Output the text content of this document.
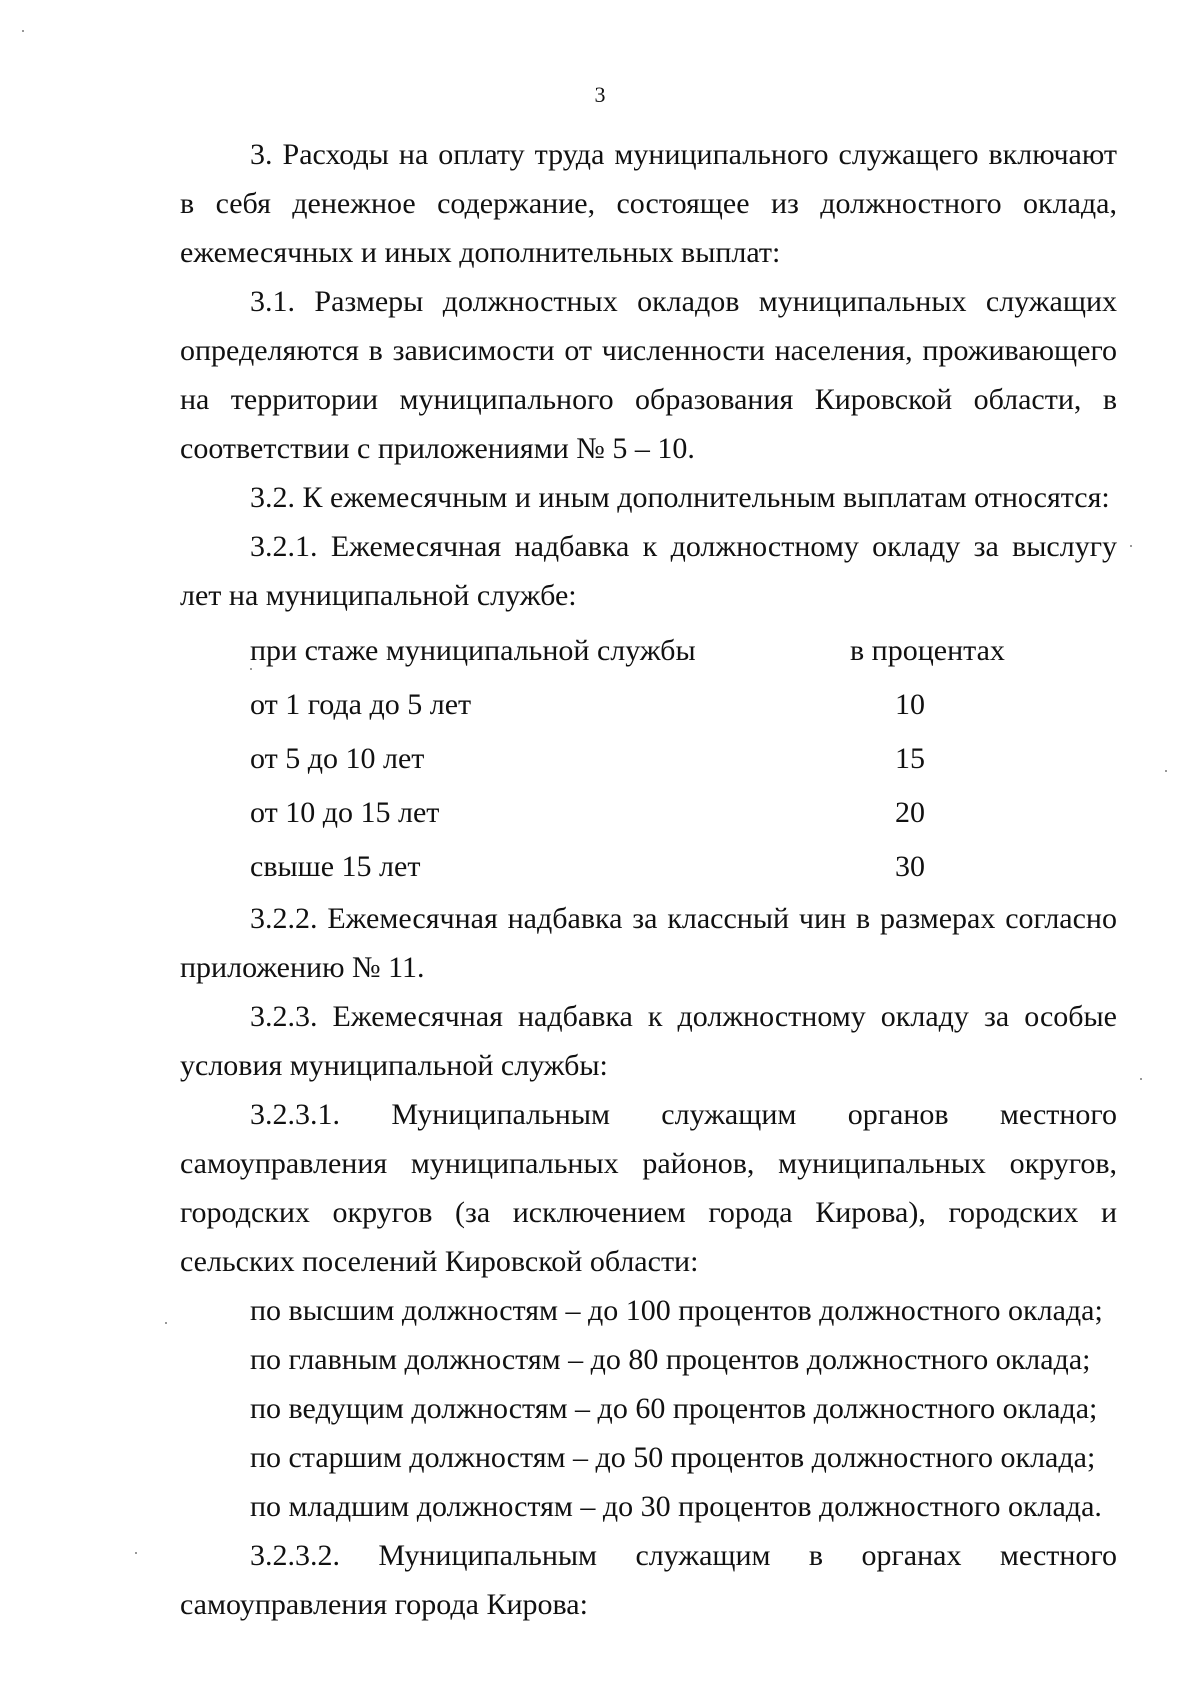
3

3. Расходы на оплату труда муниципального служащего включают в себя денежное содержание, состоящее из должностного оклада, ежемесячных и иных дополнительных выплат:

3.1. Размеры должностных окладов муниципальных служащих определяются в зависимости от численности населения, проживающего на территории муниципального образования Кировской области, в соответствии с приложениями № 5 – 10.

3.2. К ежемесячным и иным дополнительным выплатам относятся:

3.2.1. Ежемесячная надбавка к должностному окладу за выслугу лет на муниципальной службе:

при стаже муниципальной службы	в процентах
от 1 года до 5 лет	10
от 5 до 10 лет	15
от 10 до 15 лет	20
свыше 15 лет	30

3.2.2. Ежемесячная надбавка за классный чин в размерах согласно приложению № 11.

3.2.3. Ежемесячная надбавка к должностному окладу за особые условия муниципальной службы:

3.2.3.1. Муниципальным служащим органов местного самоуправления муниципальных районов, муниципальных округов, городских округов (за исключением города Кирова), городских и сельских поселений Кировской области:

по высшим должностям – до 100 процентов должностного оклада;

по главным должностям – до 80 процентов должностного оклада;

по ведущим должностям – до 60 процентов должностного оклада;

по старшим должностям – до 50 процентов должностного оклада;

по младшим должностям – до 30 процентов должностного оклада.

3.2.3.2. Муниципальным служащим в органах местного самоуправления города Кирова:
